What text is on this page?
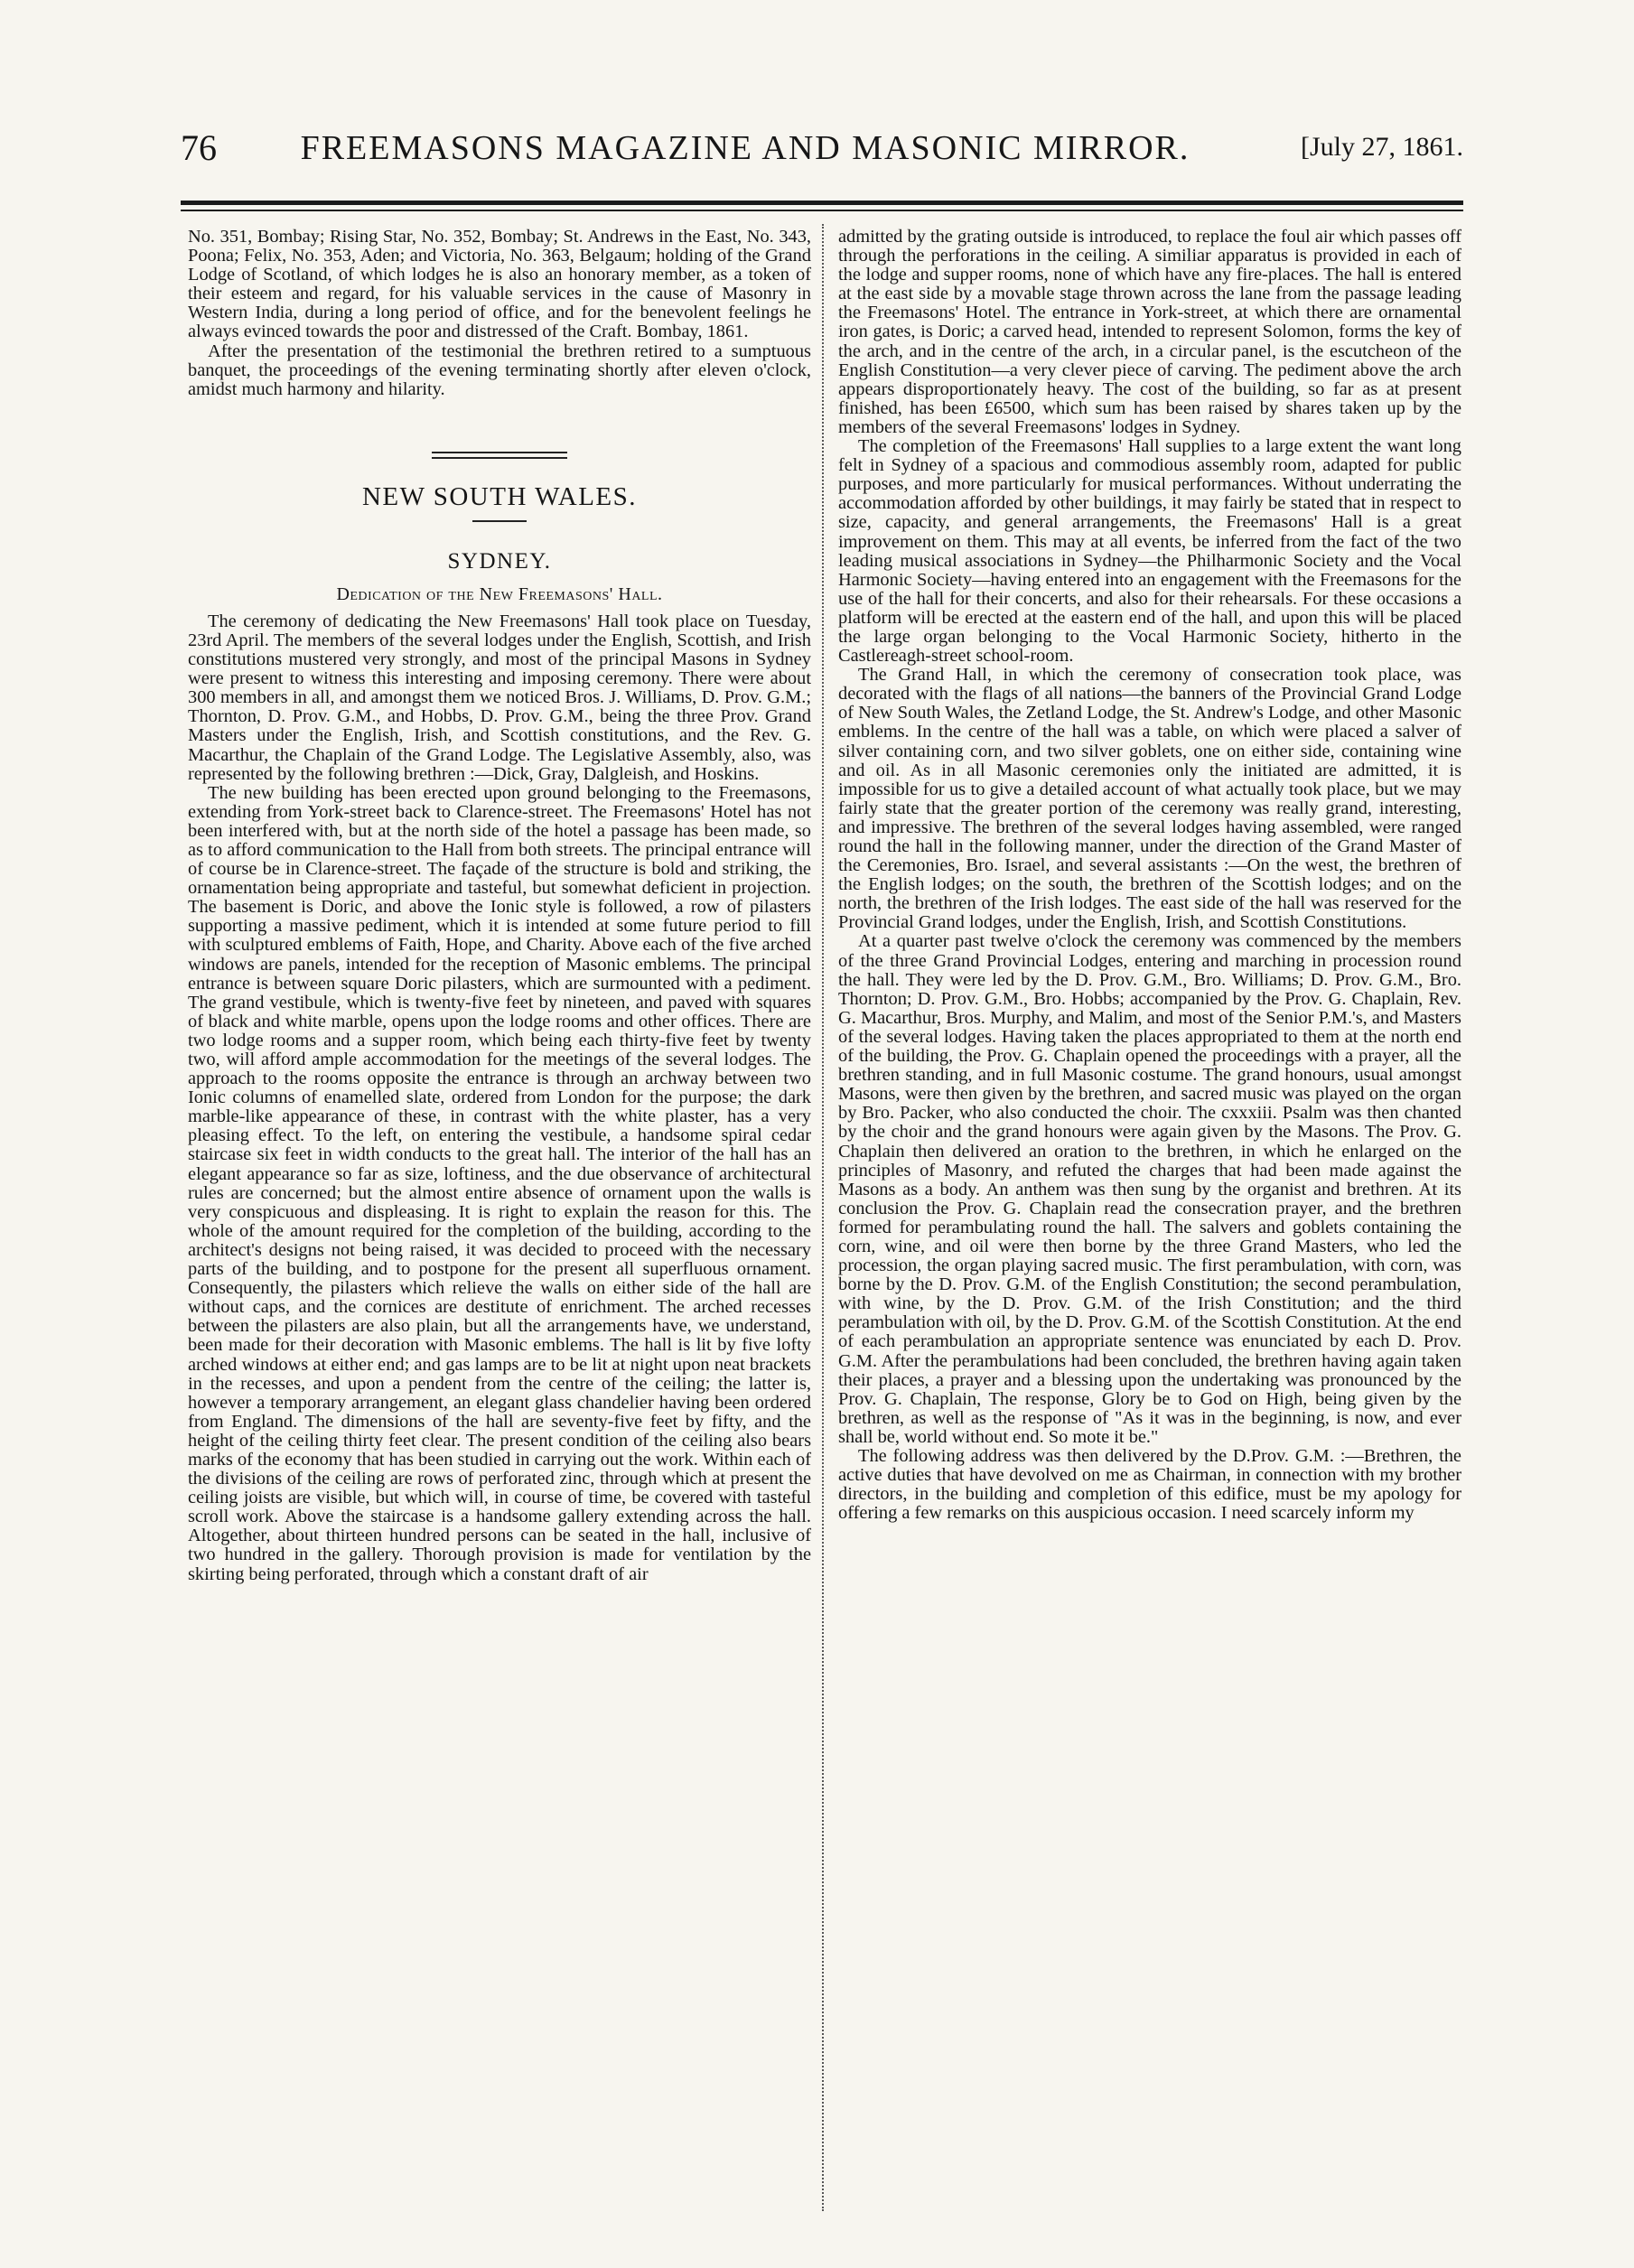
76	FREEMASONS MAGAZINE AND MASONIC MIRROR.	[July 27, 1861.

No. 351, Bombay; Rising Star, No. 352, Bombay; St. Andrews in the East, No. 343, Poona; Felix, No. 353, Aden; and Victoria, No. 363, Belgaum; holding of the Grand Lodge of Scotland, of which lodges he is also an honorary member, as a token of their esteem and regard, for his valuable services in the cause of Masonry in Western India, during a long period of office, and for the benevolent feelings he always evinced towards the poor and distressed of the Craft. Bombay, 1861.

After the presentation of the testimonial the brethren retired to a sumptuous banquet, the proceedings of the evening terminating shortly after eleven o'clock, amidst much harmony and hilarity.

NEW SOUTH WALES.
SYDNEY.
Dedication of the New Freemasons' Hall.

The ceremony of dedicating the New Freemasons' Hall took place on Tuesday, 23rd April. The members of the several lodges under the English, Scottish, and Irish constitutions mustered very strongly, and most of the principal Masons in Sydney were present to witness this interesting and imposing ceremony. There were about 300 members in all, and amongst them we noticed Bros. J. Williams, D. Prov. G.M.; Thornton, D. Prov. G.M., and Hobbs, D. Prov. G.M., being the three Prov. Grand Masters under the English, Irish, and Scottish constitutions, and the Rev. G. Macarthur, the Chaplain of the Grand Lodge. The Legislative Assembly, also, was represented by the following brethren :—Dick, Gray, Dalgleish, and Hoskins.

The new building has been erected upon ground belonging to the Freemasons, extending from York-street back to Clarence-street. The Freemasons' Hotel has not been interfered with, but at the north side of the hotel a passage has been made, so as to afford communication to the Hall from both streets. The principal entrance will of course be in Clarence-street. The façade of the structure is bold and striking, the ornamentation being appropriate and tasteful, but somewhat deficient in projection. The basement is Doric, and above the Ionic style is followed, a row of pilasters supporting a massive pediment, which it is intended at some future period to fill with sculptured emblems of Faith, Hope, and Charity. Above each of the five arched windows are panels, intended for the reception of Masonic emblems. The principal entrance is between square Doric pilasters, which are surmounted with a pediment. The grand vestibule, which is twenty-five feet by nineteen, and paved with squares of black and white marble, opens upon the lodge rooms and other offices. There are two lodge rooms and a supper room, which being each thirty-five feet by twenty two, will afford ample accommodation for the meetings of the several lodges. The approach to the rooms opposite the entrance is through an archway between two Ionic columns of enamelled slate, ordered from London for the purpose; the dark marble-like appearance of these, in contrast with the white plaster, has a very pleasing effect. To the left, on entering the vestibule, a handsome spiral cedar staircase six feet in width conducts to the great hall. The interior of the hall has an elegant appearance so far as size, loftiness, and the due observance of architectural rules are concerned; but the almost entire absence of ornament upon the walls is very conspicuous and displeasing. It is right to explain the reason for this. The whole of the amount required for the completion of the building, according to the architect's designs not being raised, it was decided to proceed with the necessary parts of the building, and to postpone for the present all superfluous ornament. Consequently, the pilasters which relieve the walls on either side of the hall are without caps, and the cornices are destitute of enrichment. The arched recesses between the pilasters are also plain, but all the arrangements have, we understand, been made for their decoration with Masonic emblems. The hall is lit by five lofty arched windows at either end; and gas lamps are to be lit at night upon neat brackets in the recesses, and upon a pendent from the centre of the ceiling; the latter is, however a temporary arrangement, an elegant glass chandelier having been ordered from England. The dimensions of the hall are seventy-five feet by fifty, and the height of the ceiling thirty feet clear. The present condition of the ceiling also bears marks of the economy that has been studied in carrying out the work. Within each of the divisions of the ceiling are rows of perforated zinc, through which at present the ceiling joists are visible, but which will, in course of time, be covered with tasteful scroll work. Above the staircase is a handsome gallery extending across the hall. Altogether, about thirteen hundred persons can be seated in the hall, inclusive of two hundred in the gallery. Thorough provision is made for ventilation by the skirting being perforated, through which a constant draft of air

admitted by the grating outside is introduced, to replace the foul air which passes off through the perforations in the ceiling. A similiar apparatus is provided in each of the lodge and supper rooms, none of which have any fire-places. The hall is entered at the east side by a movable stage thrown across the lane from the passage leading the Freemasons' Hotel. The entrance in York-street, at which there are ornamental iron gates, is Doric; a carved head, intended to represent Solomon, forms the key of the arch, and in the centre of the arch, in a circular panel, is the escutcheon of the English Constitution—a very clever piece of carving. The pediment above the arch appears disproportionately heavy. The cost of the building, so far as at present finished, has been £6500, which sum has been raised by shares taken up by the members of the several Freemasons' lodges in Sydney.

The completion of the Freemasons' Hall supplies to a large extent the want long felt in Sydney of a spacious and commodious assembly room, adapted for public purposes, and more particularly for musical performances. Without underrating the accommodation afforded by other buildings, it may fairly be stated that in respect to size, capacity, and general arrangements, the Freemasons' Hall is a great improvement on them. This may at all events, be inferred from the fact of the two leading musical associations in Sydney—the Philharmonic Society and the Vocal Harmonic Society—having entered into an engagement with the Freemasons for the use of the hall for their concerts, and also for their rehearsals. For these occasions a platform will be erected at the eastern end of the hall, and upon this will be placed the large organ belonging to the Vocal Harmonic Society, hitherto in the Castlereagh-street school-room.

The Grand Hall, in which the ceremony of consecration took place, was decorated with the flags of all nations—the banners of the Provincial Grand Lodge of New South Wales, the Zetland Lodge, the St. Andrew's Lodge, and other Masonic emblems. In the centre of the hall was a table, on which were placed a salver of silver containing corn, and two silver goblets, one on either side, containing wine and oil. As in all Masonic ceremonies only the initiated are admitted, it is impossible for us to give a detailed account of what actually took place, but we may fairly state that the greater portion of the ceremony was really grand, interesting, and impressive. The brethren of the several lodges having assembled, were ranged round the hall in the following manner, under the direction of the Grand Master of the Ceremonies, Bro. Israel, and several assistants :—On the west, the brethren of the English lodges; on the south, the brethren of the Scottish lodges; and on the north, the brethren of the Irish lodges. The east side of the hall was reserved for the Provincial Grand lodges, under the English, Irish, and Scottish Constitutions.

At a quarter past twelve o'clock the ceremony was commenced by the members of the three Grand Provincial Lodges, entering and marching in procession round the hall. They were led by the D. Prov. G.M., Bro. Williams; D. Prov. G.M., Bro. Thornton; D. Prov. G.M., Bro. Hobbs; accompanied by the Prov. G. Chaplain, Rev. G. Macarthur, Bros. Murphy, and Malim, and most of the Senior P.M.'s, and Masters of the several lodges. Having taken the places appropriated to them at the north end of the building, the Prov. G. Chaplain opened the proceedings with a prayer, all the brethren standing, and in full Masonic costume. The grand honours, usual amongst Masons, were then given by the brethren, and sacred music was played on the organ by Bro. Packer, who also conducted the choir. The cxxxiii. Psalm was then chanted by the choir and the grand honours were again given by the Masons. The Prov. G. Chaplain then delivered an oration to the brethren, in which he enlarged on the principles of Masonry, and refuted the charges that had been made against the Masons as a body. An anthem was then sung by the organist and brethren. At its conclusion the Prov. G. Chaplain read the consecration prayer, and the brethren formed for perambulating round the hall. The salvers and goblets containing the corn, wine, and oil were then borne by the three Grand Masters, who led the procession, the organ playing sacred music. The first perambulation, with corn, was borne by the D. Prov. G.M. of the English Constitution; the second perambulation, with wine, by the D. Prov. G.M. of the Irish Constitution; and the third perambulation with oil, by the D. Prov. G.M. of the Scottish Constitution. At the end of each perambulation an appropriate sentence was enunciated by each D. Prov. G.M. After the perambulations had been concluded, the brethren having again taken their places, a prayer and a blessing upon the undertaking was pronounced by the Prov. G. Chaplain, The response, Glory be to God on High, being given by the brethren, as well as the response of "As it was in the beginning, is now, and ever shall be, world without end. So mote it be."

The following address was then delivered by the D.Prov. G.M. :—Brethren, the active duties that have devolved on me as Chairman, in connection with my brother directors, in the building and completion of this edifice, must be my apology for offering a few remarks on this auspicious occasion. I need scarcely inform my
